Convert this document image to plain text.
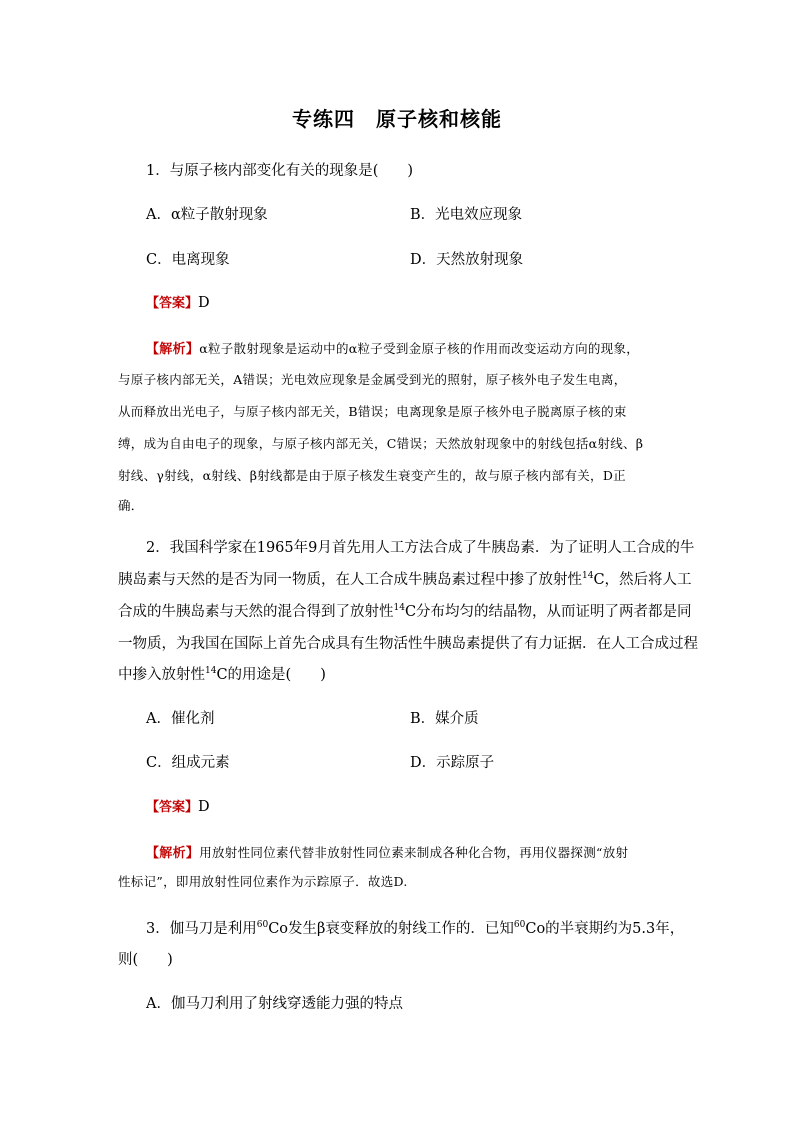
专练四　原子核和核能
1．与原子核内部变化有关的现象是(　　)
A．α粒子散射现象	B．光电效应现象
C．电离现象	D．天然放射现象
【答案】D
【解析】α粒子散射现象是运动中的α粒子受到金原子核的作用而改变运动方向的现象，
与原子核内部无关，A错误；光电效应现象是金属受到光的照射，原子核外电子发生电离，
从而释放出光电子，与原子核内部无关，B错误；电离现象是原子核外电子脱离原子核的束
缚，成为自由电子的现象，与原子核内部无关，C错误；天然放射现象中的射线包括α射线、β
射线、γ射线，α射线、β射线都是由于原子核发生衰变产生的，故与原子核内部有关，D正
确．
2．我国科学家在1965年9月首先用人工方法合成了牛胰岛素．为了证明人工合成的牛
胰岛素与天然的是否为同一物质，在人工合成牛胰岛素过程中掺了放射性$^{14}$C，然后将人工
合成的牛胰岛素与天然的混合得到了放射性$^{14}$C分布均匀的结晶物，从而证明了两者都是同
一物质，为我国在国际上首先合成具有生物活性牛胰岛素提供了有力证据．在人工合成过程
中掺入放射性$^{14}$C的用途是(　　)
A．催化剂	B．媒介质
C．组成元素	D．示踪原子
【答案】D
【解析】用放射性同位素代替非放射性同位素来制成各种化合物，再用仪器探测“放射
性标记”，即用放射性同位素作为示踪原子．故选D.
3．伽马刀是利用$^{60}$Co发生β衰变释放的射线工作的．已知$^{60}$Co的半衰期约为5.3年，
则(　　)
A．伽马刀利用了射线穿透能力强的特点
